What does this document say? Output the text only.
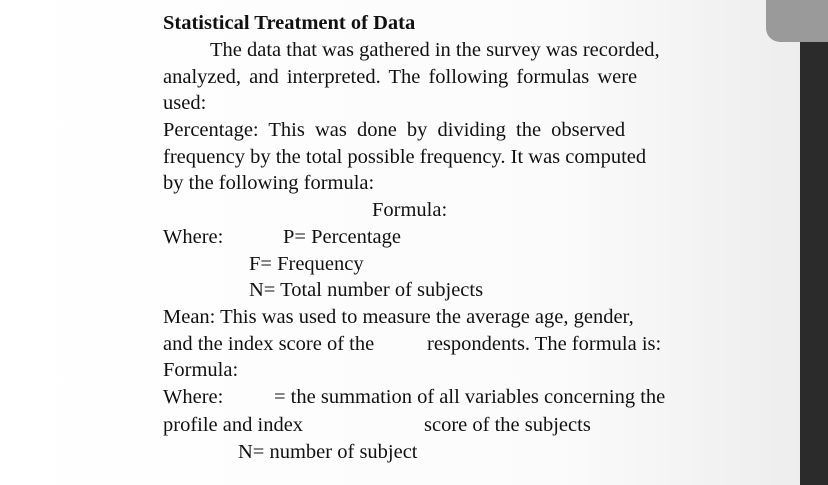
Statistical Treatment of Data
The data that was gathered in the survey was recorded,
analyzed, and interpreted. The following formulas were
used:
Percentage: This was done by dividing the observed
frequency by the total possible frequency. It was computed
by the following formula:
Formula:
Where:	P= Percentage
F= Frequency
N= Total number of subjects
Mean: This was used to measure the average age, gender,
and the index score of the	respondents. The formula is:
Formula:
Where: = the summation of all variables concerning the
profile and index	score of the subjects
N= number of subject
